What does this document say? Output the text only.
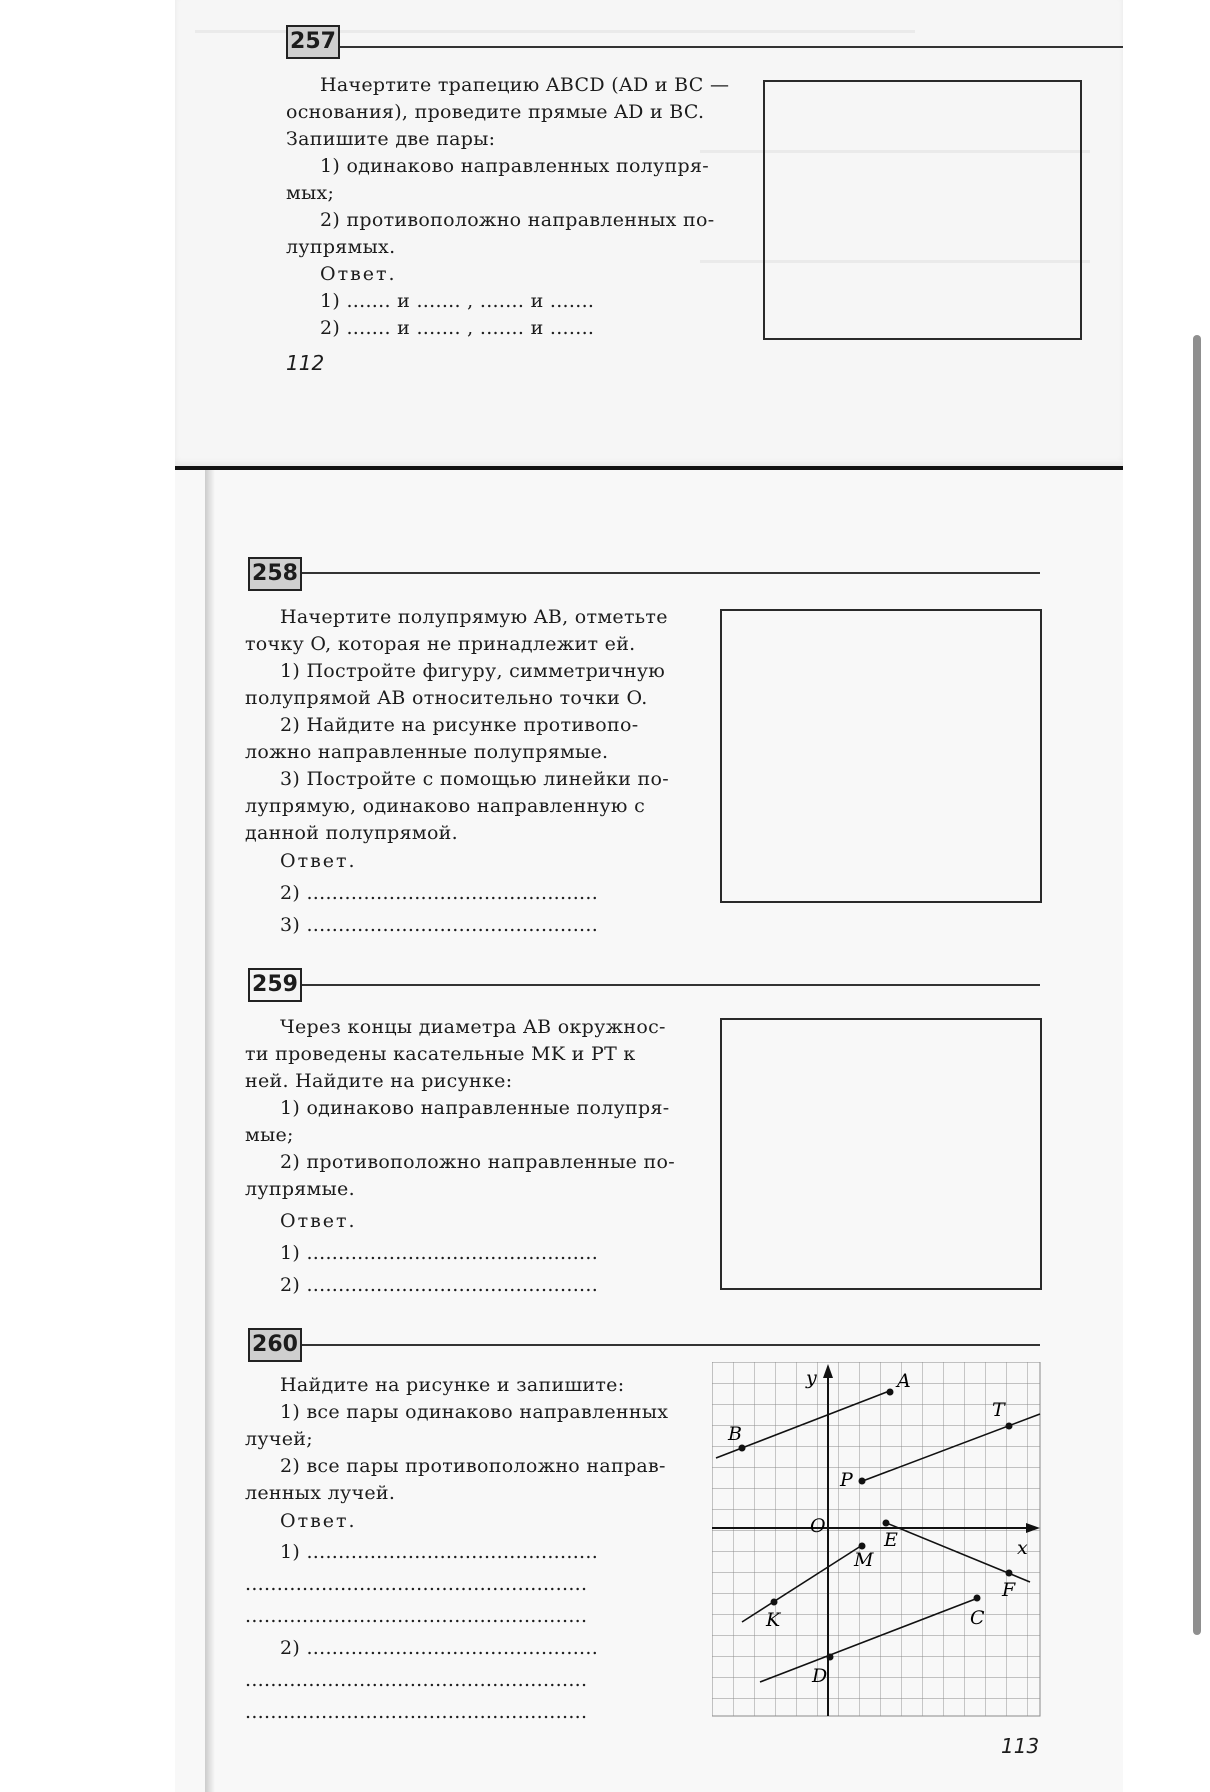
257
Начертите трапецию ABCD (AD и BC —
основания), проведите прямые AD и BC.
Запишите две пары:
1) одинаково направленных полупря-
мых;
2) противоположно направленных по-
лупрямых.
Ответ.
1) ....... и ....... , ....... и .......
2) ....... и ....... , ....... и .......
112
258
Начертите полупрямую AB, отметьте
точку O, которая не принадлежит ей.
1) Постройте фигуру, симметричную
полупрямой AB относительно точки O.
2) Найдите на рисунке противопо-
ложно направленные полупрямые.
3) Постройте с помощью линейки по-
лупрямую, одинаково направленную с
данной полупрямой.
Ответ.
2) ..............................................
3) ..............................................
259
Через концы диаметра AB окружнос-
ти проведены касательные MK и PT к
ней. Найдите на рисунке:
1) одинаково направленные полупря-
мые;
2) противоположно направленные по-
лупрямые.
Ответ.
1) ..............................................
2) ..............................................
260
Найдите на рисунке и запишите:
1) все пары одинаково направленных
лучей;
2) все пары противоположно направ-
ленных лучей.
Ответ.
1) ..............................................
......................................................
......................................................
2) ..............................................
......................................................
......................................................
y
x
O
A
B
T
P
E
M
F
K	C
D
113
